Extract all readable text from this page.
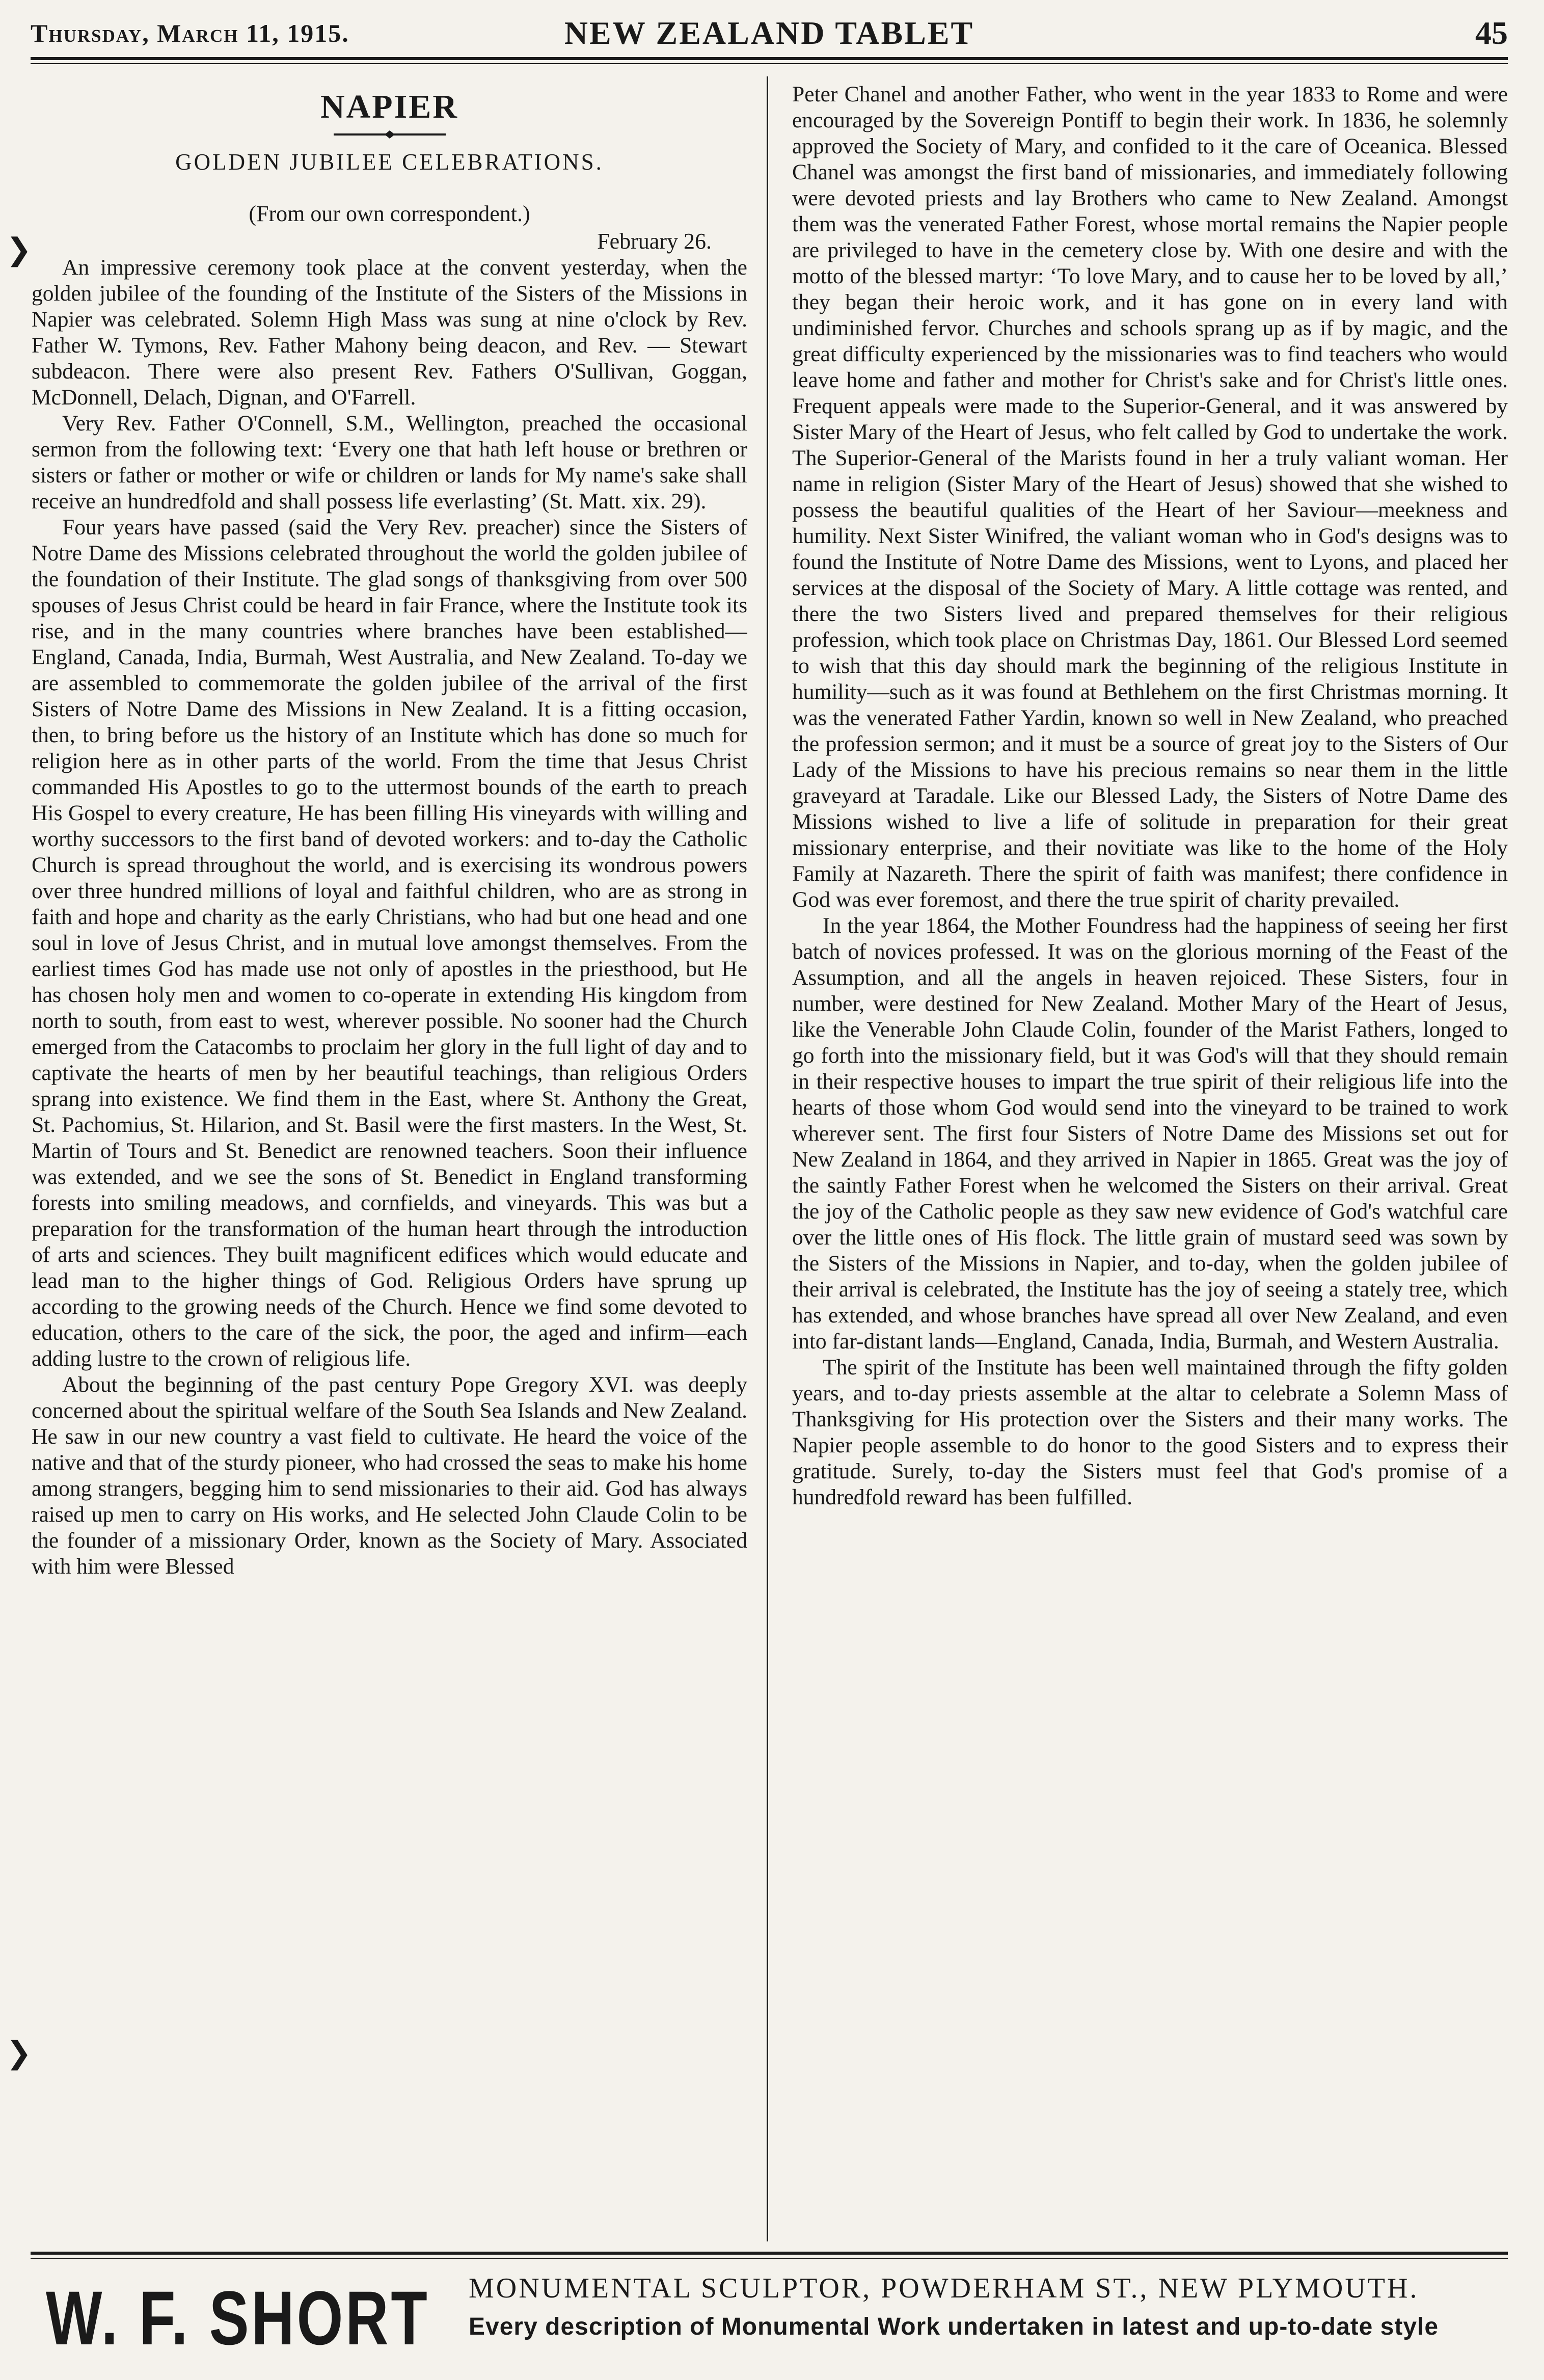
Thursday, March 11, 1915.	NEW ZEALAND TABLET	45
NAPIER
GOLDEN JUBILEE CELEBRATIONS.
(From our own correspondent.)
February 26.

An impressive ceremony took place at the convent yesterday, when the golden jubilee of the founding of the Institute of the Sisters of the Missions in Napier was celebrated. Solemn High Mass was sung at nine o'clock by Rev. Father W. Tymons, Rev. Father Mahony being deacon, and Rev. — Stewart subdeacon. There were also present Rev. Fathers O'Sullivan, Goggan, McDonnell, Delach, Dignan, and O'Farrell.

Very Rev. Father O'Connell, S.M., Wellington, preached the occasional sermon from the following text: ‘Every one that hath left house or brethren or sisters or father or mother or wife or children or lands for My name's sake shall receive an hundredfold and shall possess life everlasting’ (St. Matt. xix. 29).

Four years have passed (said the Very Rev. preacher) since the Sisters of Notre Dame des Missions celebrated throughout the world the golden jubilee of the foundation of their Institute. The glad songs of thanksgiving from over 500 spouses of Jesus Christ could be heard in fair France, where the Institute took its rise, and in the many countries where branches have been established—England, Canada, India, Burmah, West Australia, and New Zealand. To-day we are assembled to commemorate the golden jubilee of the arrival of the first Sisters of Notre Dame des Missions in New Zealand. It is a fitting occasion, then, to bring before us the history of an Institute which has done so much for religion here as in other parts of the world. From the time that Jesus Christ commanded His Apostles to go to the uttermost bounds of the earth to preach His Gospel to every creature, He has been filling His vineyards with willing and worthy successors to the first band of devoted workers: and to-day the Catholic Church is spread throughout the world, and is exercising its wondrous powers over three hundred millions of loyal and faithful children, who are as strong in faith and hope and charity as the early Christians, who had but one head and one soul in love of Jesus Christ, and in mutual love amongst themselves. From the earliest times God has made use not only of apostles in the priesthood, but He has chosen holy men and women to co-operate in extending His kingdom from north to south, from east to west, wherever possible. No sooner had the Church emerged from the Catacombs to proclaim her glory in the full light of day and to captivate the hearts of men by her beautiful teachings, than religious Orders sprang into existence. We find them in the East, where St. Anthony the Great, St. Pachomius, St. Hilarion, and St. Basil were the first masters. In the West, St. Martin of Tours and St. Benedict are renowned teachers. Soon their influence was extended, and we see the sons of St. Benedict in England transforming forests into smiling meadows, and cornfields, and vineyards. This was but a preparation for the transformation of the human heart through the introduction of arts and sciences. They built magnificent edifices which would educate and lead man to the higher things of God. Religious Orders have sprung up according to the growing needs of the Church. Hence we find some devoted to education, others to the care of the sick, the poor, the aged and infirm—each adding lustre to the crown of religious life.

About the beginning of the past century Pope Gregory XVI. was deeply concerned about the spiritual welfare of the South Sea Islands and New Zealand. He saw in our new country a vast field to cultivate. He heard the voice of the native and that of the sturdy pioneer, who had crossed the seas to make his home among strangers, begging him to send missionaries to their aid. God has always raised up men to carry on His works, and He selected John Claude Colin to be the founder of a missionary Order, known as the Society of Mary. Associated with him were Blessed

Peter Chanel and another Father, who went in the year 1833 to Rome and were encouraged by the Sovereign Pontiff to begin their work. In 1836, he solemnly approved the Society of Mary, and confided to it the care of Oceanica. Blessed Chanel was amongst the first band of missionaries, and immediately following were devoted priests and lay Brothers who came to New Zealand. Amongst them was the venerated Father Forest, whose mortal remains the Napier people are privileged to have in the cemetery close by. With one desire and with the motto of the blessed martyr: ‘To love Mary, and to cause her to be loved by all,’ they began their heroic work, and it has gone on in every land with undiminished fervor. Churches and schools sprang up as if by magic, and the great difficulty experienced by the missionaries was to find teachers who would leave home and father and mother for Christ's sake and for Christ's little ones. Frequent appeals were made to the Superior-General, and it was answered by Sister Mary of the Heart of Jesus, who felt called by God to undertake the work. The Superior-General of the Marists found in her a truly valiant woman. Her name in religion (Sister Mary of the Heart of Jesus) showed that she wished to possess the beautiful qualities of the Heart of her Saviour—meekness and humility. Next Sister Winifred, the valiant woman who in God's designs was to found the Institute of Notre Dame des Missions, went to Lyons, and placed her services at the disposal of the Society of Mary. A little cottage was rented, and there the two Sisters lived and prepared themselves for their religious profession, which took place on Christmas Day, 1861. Our Blessed Lord seemed to wish that this day should mark the beginning of the religious Institute in humility—such as it was found at Bethlehem on the first Christmas morning. It was the venerated Father Yardin, known so well in New Zealand, who preached the profession sermon; and it must be a source of great joy to the Sisters of Our Lady of the Missions to have his precious remains so near them in the little graveyard at Taradale. Like our Blessed Lady, the Sisters of Notre Dame des Missions wished to live a life of solitude in preparation for their great missionary enterprise, and their novitiate was like to the home of the Holy Family at Nazareth. There the spirit of faith was manifest; there confidence in God was ever foremost, and there the true spirit of charity prevailed.

In the year 1864, the Mother Foundress had the happiness of seeing her first batch of novices professed. It was on the glorious morning of the Feast of the Assumption, and all the angels in heaven rejoiced. These Sisters, four in number, were destined for New Zealand. Mother Mary of the Heart of Jesus, like the Venerable John Claude Colin, founder of the Marist Fathers, longed to go forth into the missionary field, but it was God's will that they should remain in their respective houses to impart the true spirit of their religious life into the hearts of those whom God would send into the vineyard to be trained to work wherever sent. The first four Sisters of Notre Dame des Missions set out for New Zealand in 1864, and they arrived in Napier in 1865. Great was the joy of the saintly Father Forest when he welcomed the Sisters on their arrival. Great the joy of the Catholic people as they saw new evidence of God's watchful care over the little ones of His flock. The little grain of mustard seed was sown by the Sisters of the Missions in Napier, and to-day, when the golden jubilee of their arrival is celebrated, the Institute has the joy of seeing a stately tree, which has extended, and whose branches have spread all over New Zealand, and even into far-distant lands—England, Canada, India, Burmah, and Western Australia.

The spirit of the Institute has been well maintained through the fifty golden years, and to-day priests assemble at the altar to celebrate a Solemn Mass of Thanksgiving for His protection over the Sisters and their many works. The Napier people assemble to do honor to the good Sisters and to express their gratitude. Surely, to-day the Sisters must feel that God's promise of a hundredfold reward has been fulfilled.

❯
❯
W. F. SHORT MONUMENTAL SCULPTOR, POWDERHAM ST., NEW PLYMOUTH.
Every description of Monumental Work undertaken in latest and up-to-date style
